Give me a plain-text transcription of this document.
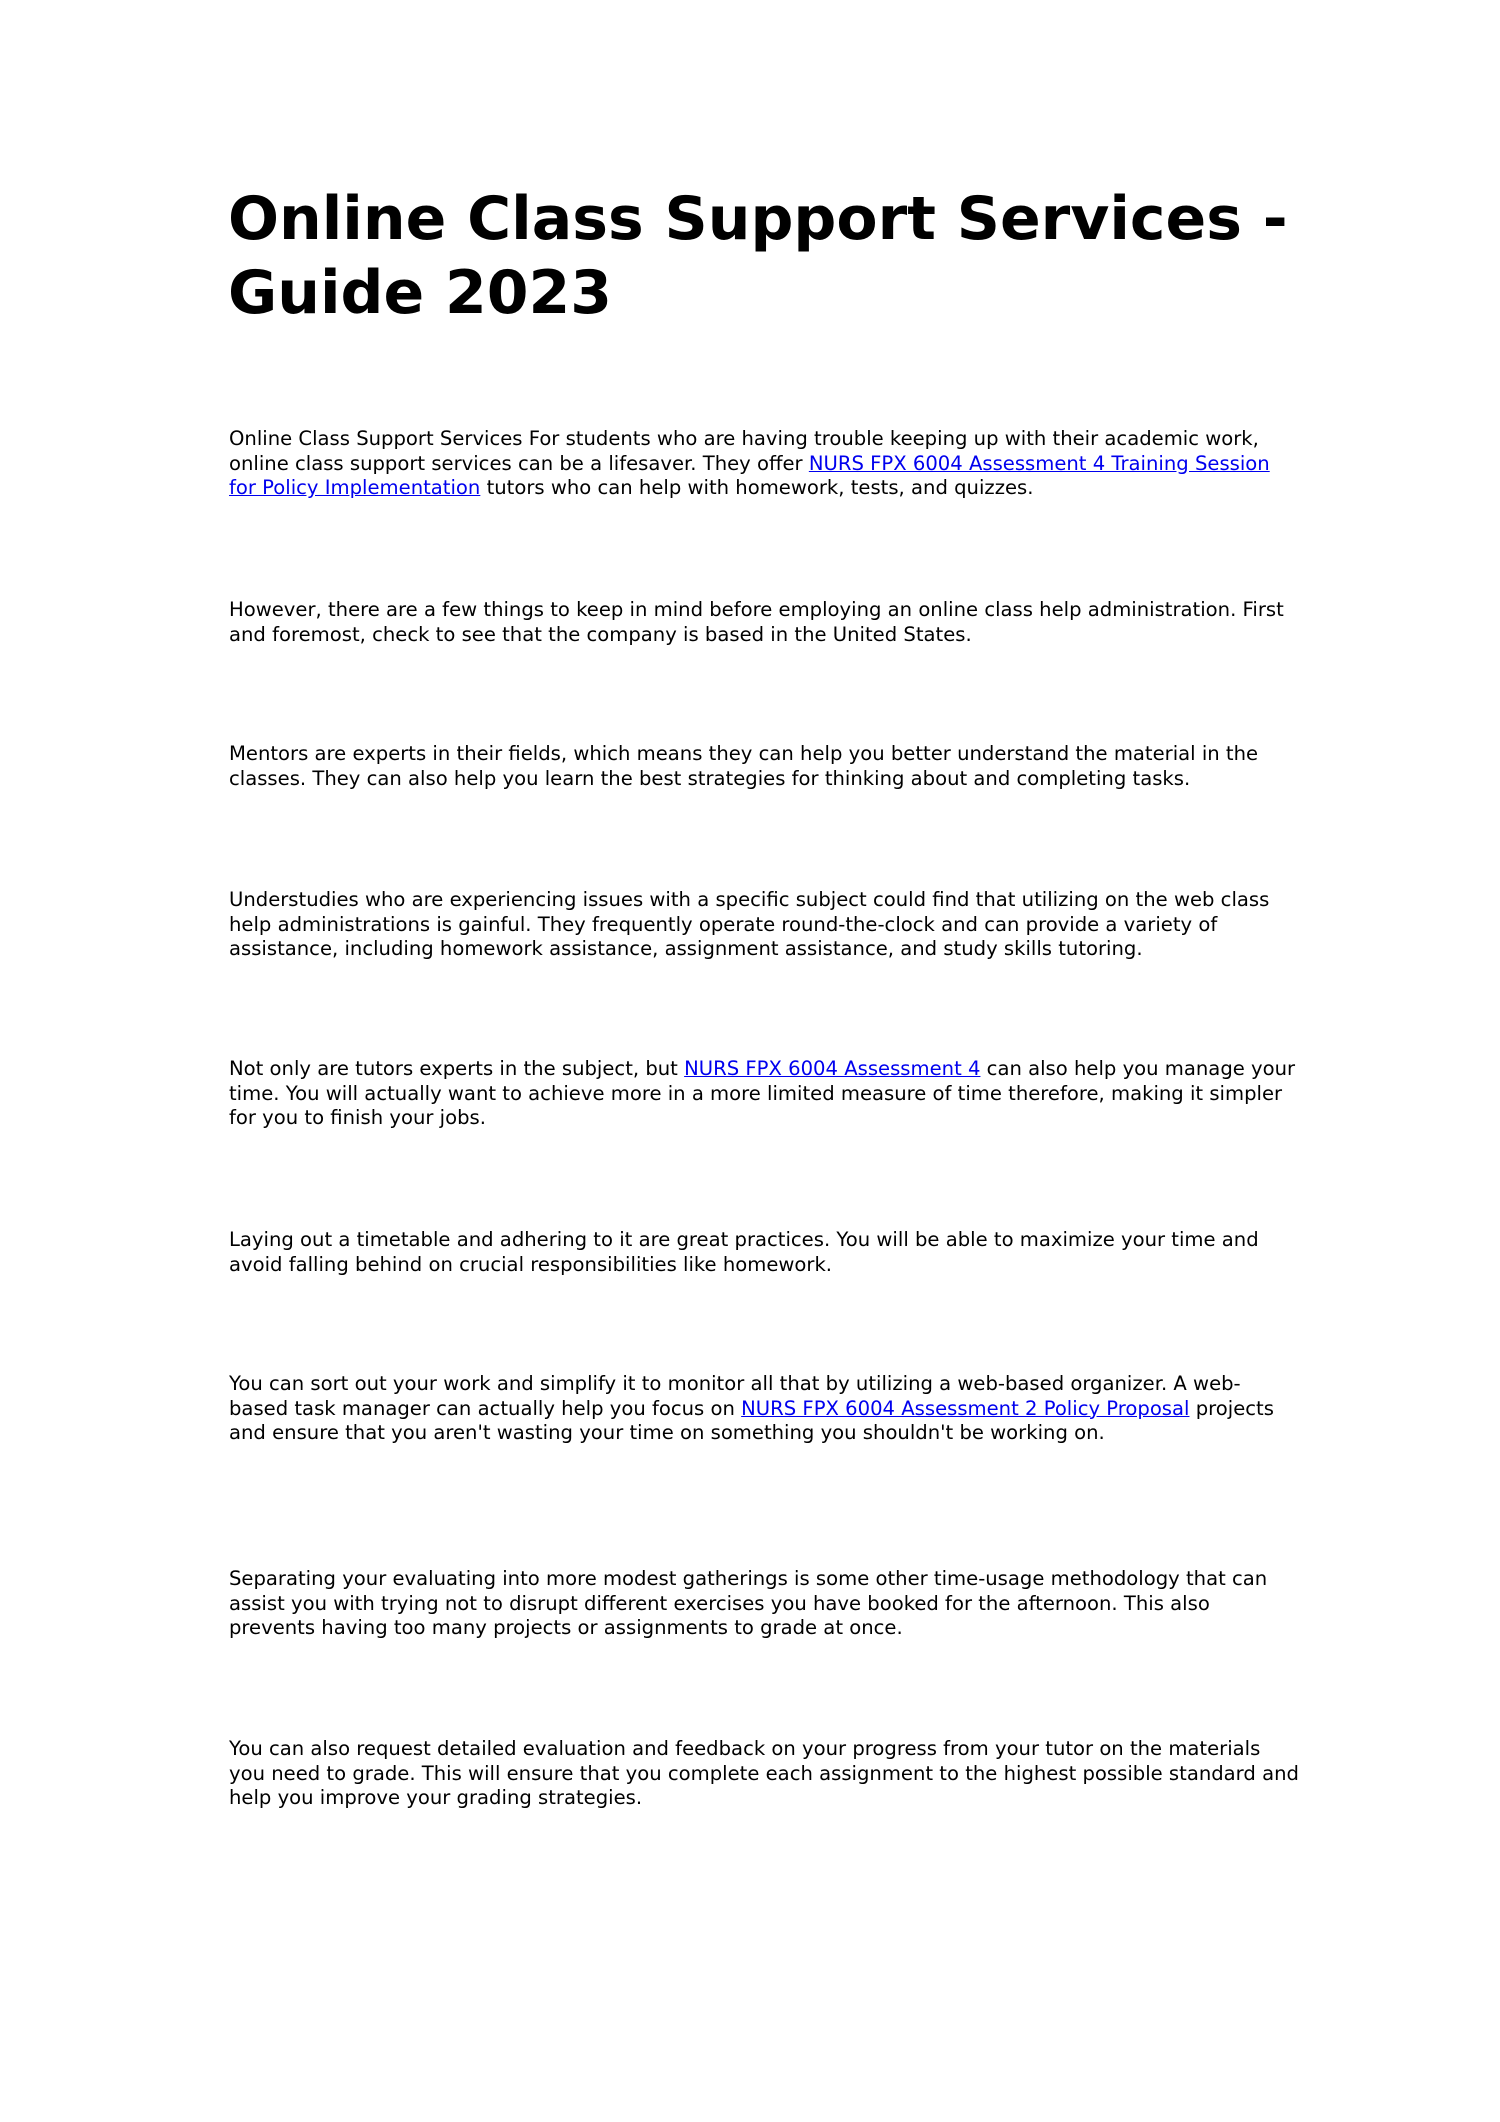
Online Class Support Services - Guide 2023

Online Class Support Services For students who are having trouble keeping up with their academic work, online class support services can be a lifesaver. They offer NURS FPX 6004 Assessment 4 Training Session for Policy Implementation tutors who can help with homework, tests, and quizzes.

However, there are a few things to keep in mind before employing an online class help administration. First and foremost, check to see that the company is based in the United States.

Mentors are experts in their fields, which means they can help you better understand the material in the classes. They can also help you learn the best strategies for thinking about and completing tasks.

Understudies who are experiencing issues with a specific subject could find that utilizing on the web class help administrations is gainful. They frequently operate round-the-clock and can provide a variety of assistance, including homework assistance, assignment assistance, and study skills tutoring.

Not only are tutors experts in the subject, but NURS FPX 6004 Assessment 4 can also help you manage your time. You will actually want to achieve more in a more limited measure of time therefore, making it simpler for you to finish your jobs.

Laying out a timetable and adhering to it are great practices. You will be able to maximize your time and avoid falling behind on crucial responsibilities like homework.

You can sort out your work and simplify it to monitor all that by utilizing a web-based organizer. A web-based task manager can actually help you focus on NURS FPX 6004 Assessment 2 Policy Proposal projects and ensure that you aren't wasting your time on something you shouldn't be working on.

Separating your evaluating into more modest gatherings is some other time-usage methodology that can assist you with trying not to disrupt different exercises you have booked for the afternoon. This also prevents having too many projects or assignments to grade at once.

You can also request detailed evaluation and feedback on your progress from your tutor on the materials you need to grade. This will ensure that you complete each assignment to the highest possible standard and help you improve your grading strategies.
